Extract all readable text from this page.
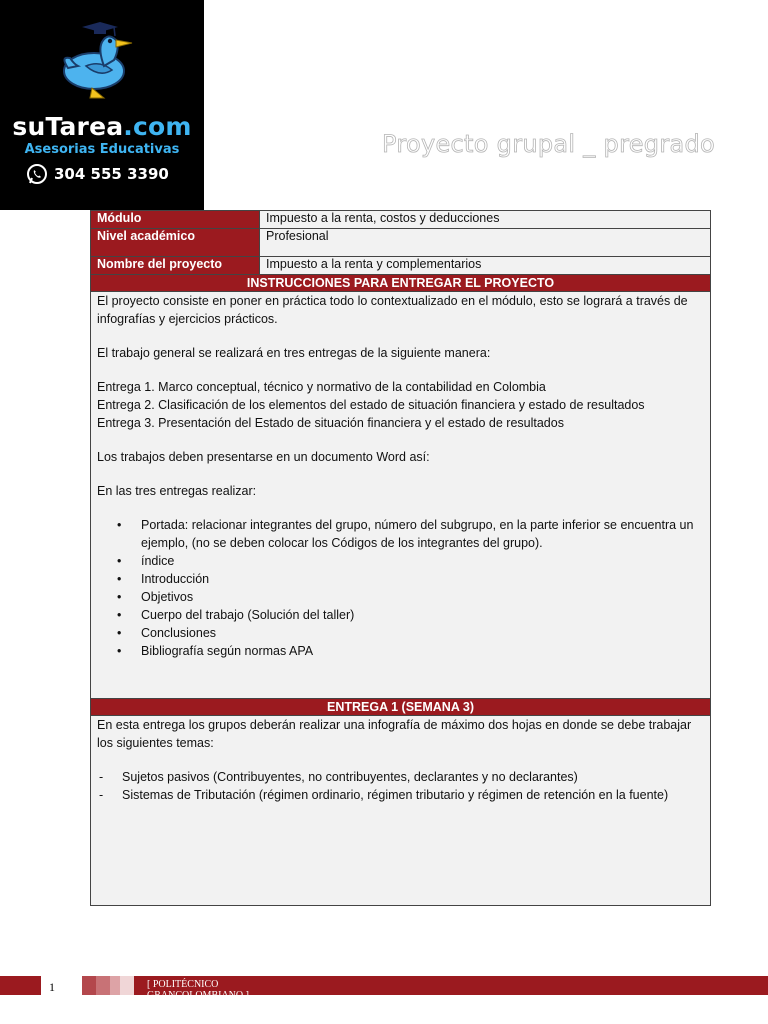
suTarea.com
Asesorias Educativas
304 555 3390
Proyecto grupal _ pregrado
Módulo	Impuesto a la renta, costos y deducciones
Nivel académico	Profesional
Nombre del proyecto	Impuesto a la renta y complementarios
INSTRUCCIONES PARA ENTREGAR EL PROYECTO

El proyecto consiste en poner en práctica todo lo contextualizado en el módulo, esto se logrará a través de infografías y ejercicios prácticos.

El trabajo general se realizará en tres entregas de la siguiente manera:

Entrega 1. Marco conceptual, técnico y normativo de la contabilidad en Colombia

Entrega 2. Clasificación de los elementos del estado de situación financiera y estado de resultados

Entrega 3. Presentación del Estado de situación financiera y el estado de resultados

Los trabajos deben presentarse en un documento Word así:

En las tres entregas realizar:

• Portada: relacionar integrantes del grupo, número del subgrupo, en la parte inferior se encuentra un ejemplo, (no se deben colocar los Códigos de los integrantes del grupo).
• índice
• Introducción
• Objetivos
• Cuerpo del trabajo (Solución del taller)
• Conclusiones
• Bibliografía según normas APA
ENTREGA 1 (SEMANA 3)

En esta entrega los grupos deberán realizar una infografía de máximo dos hojas en donde se debe trabajar los siguientes temas:

- Sujetos pasivos (Contribuyentes, no contribuyentes, declarantes y no declarantes)
- Sistemas de Tributación (régimen ordinario, régimen tributario y régimen de retención en la fuente)
1	[ POLITÉCNICO
GRANCOLOMBIANO ]
